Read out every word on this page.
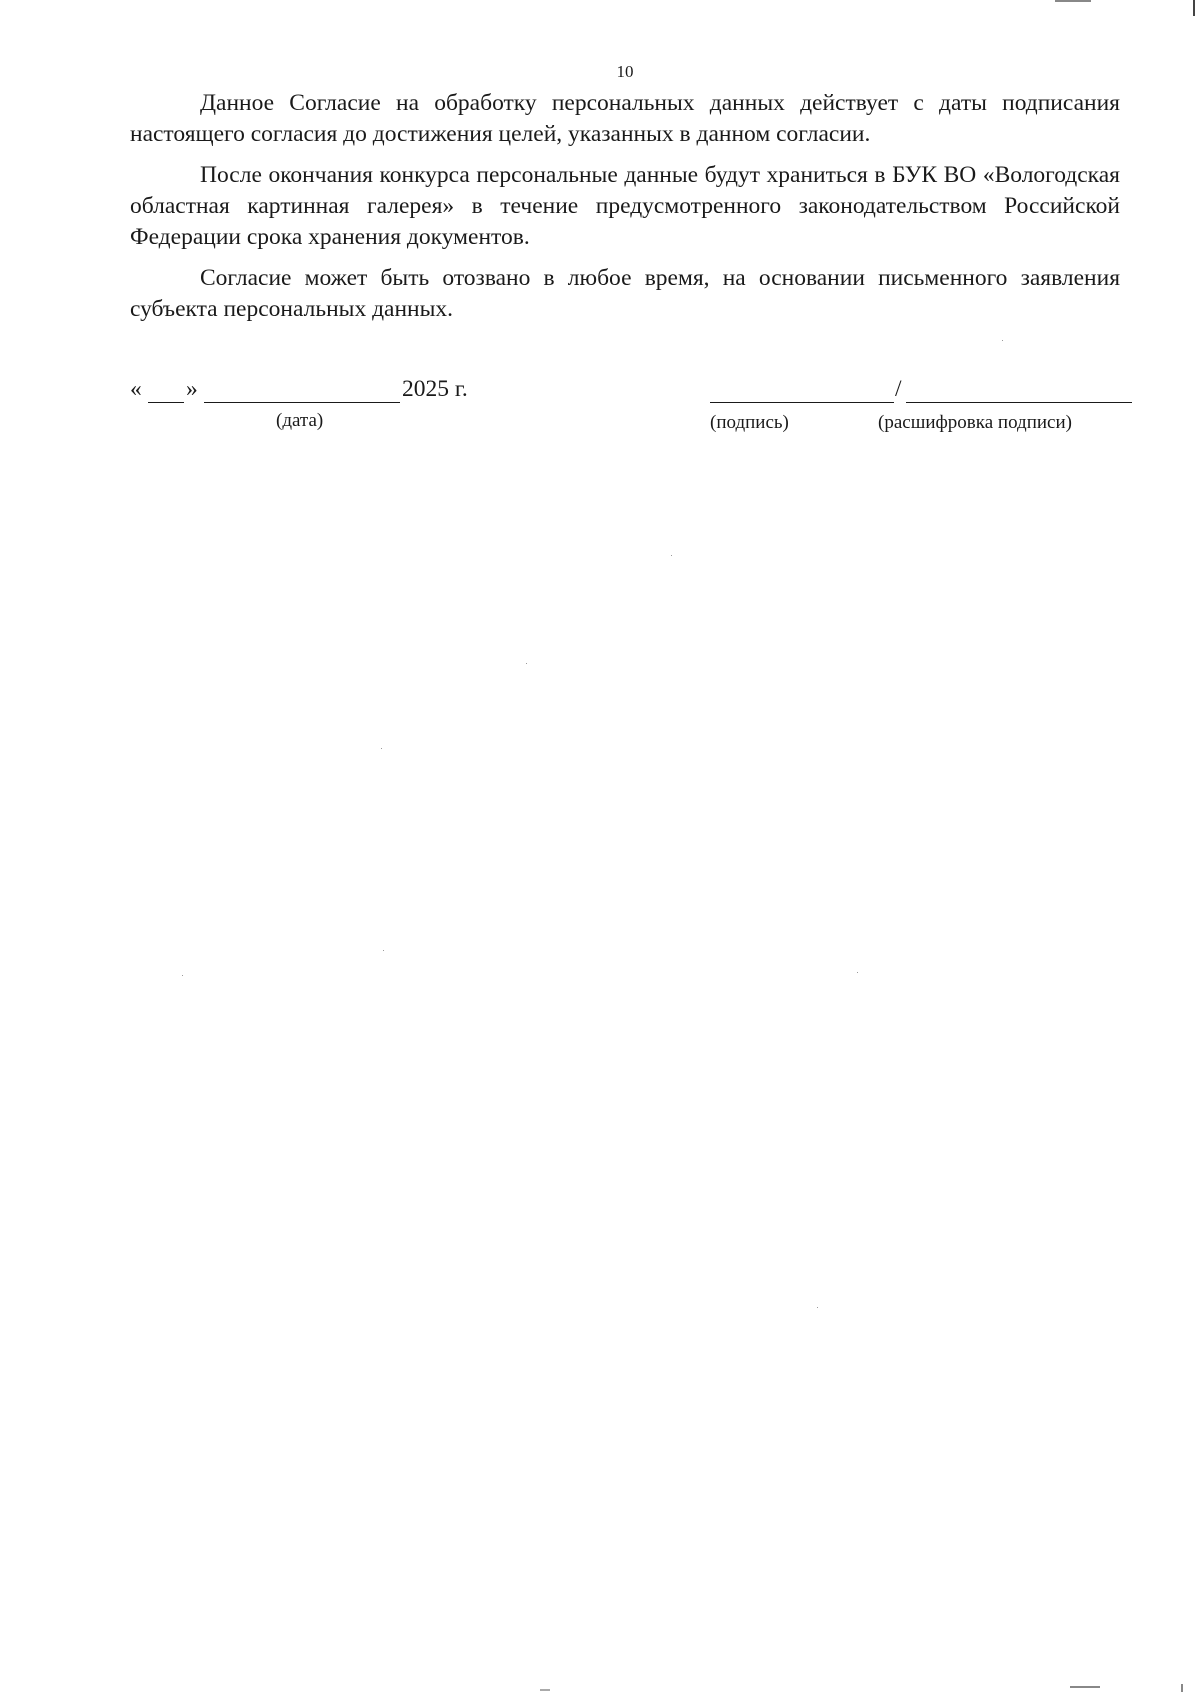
10

Данное Согласие на обработку персональных данных действует с даты подписания настоящего согласия до достижения целей, указанных в данном согласии.

После окончания конкурса персональные данные будут храниться в БУК ВО «Вологодская областная картинная галерея» в течение предусмотренного законодательством Российской Федерации срока хранения документов.

Согласие может быть отозвано в любое время, на основании письменного заявления субъекта персональных данных.

« »	2025 г.
(дата)
/
(подпись)	(расшифровка подписи)
